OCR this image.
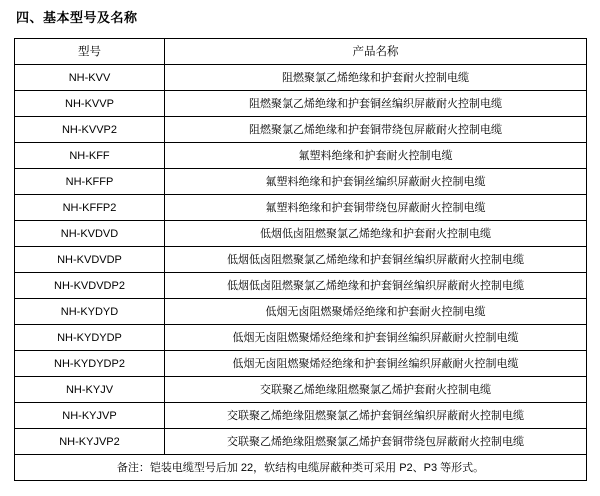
四、基本型号及名称
型号	产品名称
NH-KVV	阻燃聚氯乙烯绝缘和护套耐火控制电缆
NH-KVVP	阻燃聚氯乙烯绝缘和护套铜丝编织屏蔽耐火控制电缆
NH-KVVP2	阻燃聚氯乙烯绝缘和护套铜带绕包屏蔽耐火控制电缆
NH-KFF	氟塑料绝缘和护套耐火控制电缆
NH-KFFP	氟塑料绝缘和护套铜丝编织屏蔽耐火控制电缆
NH-KFFP2	氟塑料绝缘和护套铜带绕包屏蔽耐火控制电缆
NH-KVDVD	低烟低卤阻燃聚氯乙烯绝缘和护套耐火控制电缆
NH-KVDVDP	低烟低卤阻燃聚氯乙烯绝缘和护套铜丝编织屏蔽耐火控制电缆
NH-KVDVDP2	低烟低卤阻燃聚氯乙烯绝缘和护套铜丝编织屏蔽耐火控制电缆
NH-KYDYD	低烟无卤阻燃聚烯烃绝缘和护套耐火控制电缆
NH-KYDYDP	低烟无卤阻燃聚烯烃绝缘和护套铜丝编织屏蔽耐火控制电缆
NH-KYDYDP2	低烟无卤阻燃聚烯烃绝缘和护套铜丝编织屏蔽耐火控制电缆
NH-KYJV	交联聚乙烯绝缘阻燃聚氯乙烯护套耐火控制电缆
NH-KYJVP	交联聚乙烯绝缘阻燃聚氯乙烯护套铜丝编织屏蔽耐火控制电缆
NH-KYJVP2	交联聚乙烯绝缘阻燃聚氯乙烯护套铜带绕包屏蔽耐火控制电缆
备注：铠装电缆型号后加 22，软结构电缆屏蔽种类可采用 P2、P3 等形式。	
